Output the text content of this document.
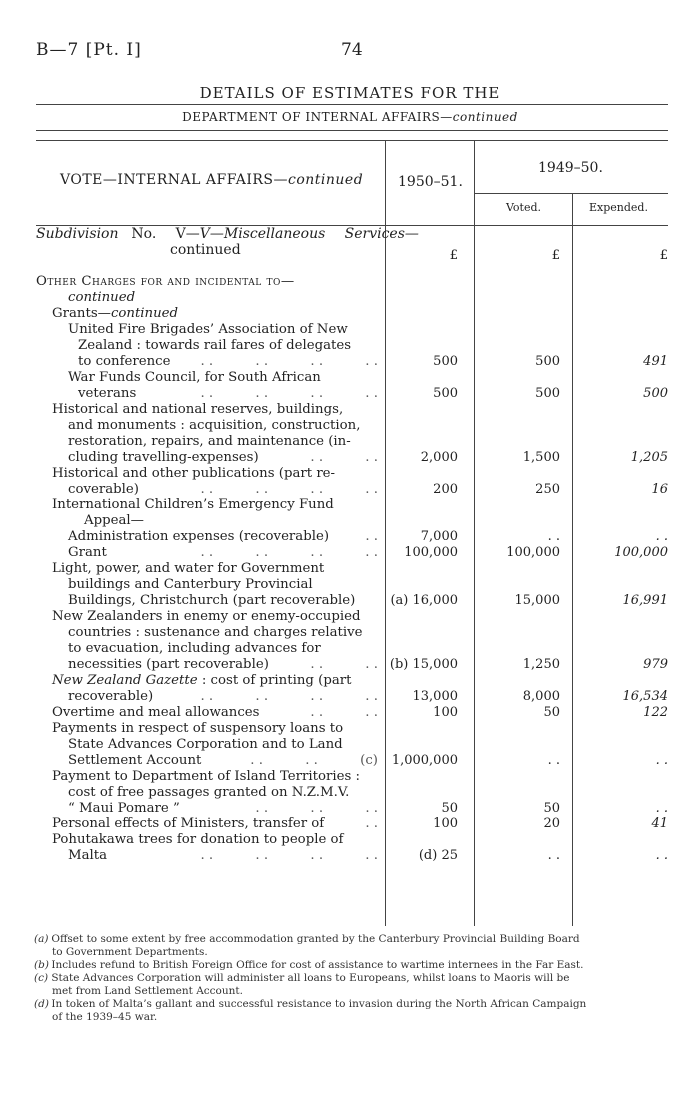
B—7 [Pt. I]	74
DETAILS OF ESTIMATES FOR THE
DEPARTMENT OF INTERNAL AFFAIRS—continued
VOTE—INTERNAL AFFAIRS—continued 1950–51.
1949–50.
Voted.	Expended.
Subdivision No. V—V—Miscellaneous Services—
continued	£	£	£
Other Charges for and incidental to—
continued
Grants—continued
United Fire Brigades’ Association of New
Zealand : towards rail fares of delegates
to conference . .          . .          . .          . .	500	500	491
War Funds Council, for South African
veterans	. .          . .          . .          . .	500	500	500
Historical and national reserves, buildings,
and monuments : acquisition, construction,
restoration, repairs, and maintenance (in-
cluding travelling-expenses)	. .          . .	2,000	1,500	1,205
Historical and other publications (part re-
coverable)	. .          . .          . .          . .	200	250	16
International Children’s Emergency Fund
Appeal—
Administration expenses (recoverable)	. .	7,000	. .	. .
Grant	. .          . .          . .          . . 100,000	100,000	100,000
Light, power, and water for Government
buildings and Canterbury Provincial
Buildings, Christchurch (part recoverable)	(a) 16,000	15,000	16,991
New Zealanders in enemy or enemy-occupied
countries : sustenance and charges relative
to evacuation, including advances for
necessities (part recoverable)	. .          . . (b) 15,000	1,250	979
New Zealand Gazette : cost of printing (part
recoverable)	. .          . .          . .          . .	13,000	8,000	16,534
Overtime and meal allowances	. .          . .	100	50	122
Payments in respect of suspensory loans to
State Advances Corporation and to Land
Settlement Account	. .          . .          (c) 1,000,000	. .	. .
Payment to Department of Island Territories :
cost of free passages granted on N.Z.M.V.
“ Maui Pomare ”	. .          . .          . .	50	50	. .
Personal effects of Ministers, transfer of	. .	100	20	41
Pohutakawa trees for donation to people of
Malta	. .          . .          . .          . .	(d) 25	. .	. .
(a) Offset to some extent by free accommodation granted by the Canterbury Provincial Building Board
to Government Departments.
(b) Includes refund to British Foreign Office for cost of assistance to wartime internees in the Far East.
(c) State Advances Corporation will administer all loans to Europeans, whilst loans to Maoris will be
met from Land Settlement Account.
(d) In token of Malta’s gallant and successful resistance to invasion during the North African Campaign
of the 1939–45 war.
